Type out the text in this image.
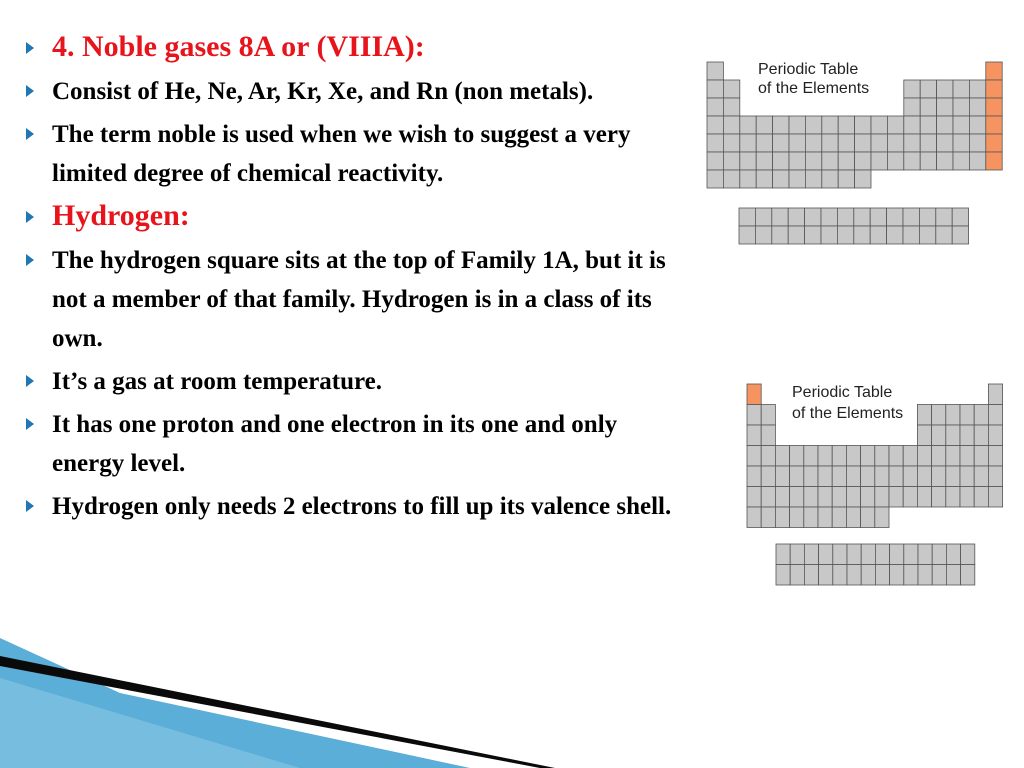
4. Noble gases 8A or (VIIIA):
Consist of He, Ne, Ar, Kr, Xe, and Rn (non metals).
The term noble is used when we wish to suggest a very limited degree of chemical reactivity.
Hydrogen:
The hydrogen square sits at the top of Family 1A, but it is not a member of that family. Hydrogen is in a class of its own.
It’s a gas at room temperature.
It has one proton and one electron in its one and only energy level.
Hydrogen only needs 2 electrons to fill up its valence shell.
Periodic Table
of the Elements
Periodic Table
of the Elements
